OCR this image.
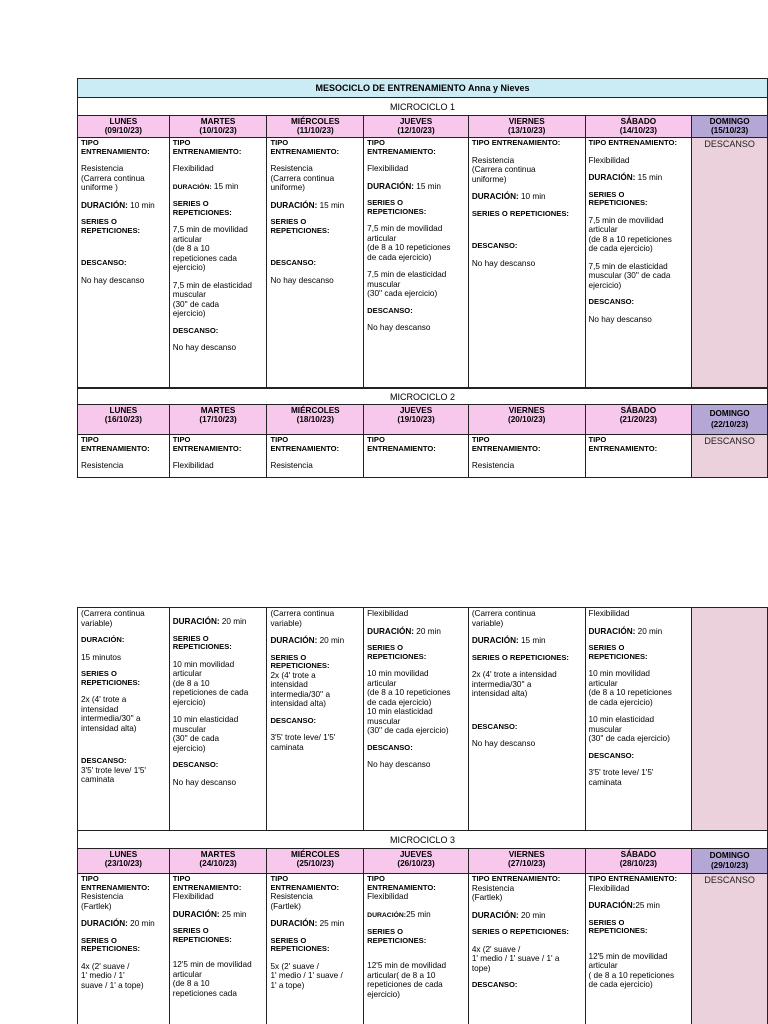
MESOCICLO DE ENTRENAMIENTO Anna y Nieves
MICROCICLO 1
LUNES
(09/10/23)
MARTES
(10/10/23)
MIÉRCOLES
(11/10/23)
JUEVES
(12/10/23)
VIERNES
(13/10/23)
SÁBADO
(14/10/23)
DOMINGO
(15/10/23)

TIPO

ENTRENAMIENTO:

Resistencia

(Carrera continua

uniforme )

DURACIÓN: 10 min

SERIES O

REPETICIONES:

DESCANSO:

No hay descanso

TIPO

ENTRENAMIENTO:

Flexibilidad

DURACIÓN: 15 min

SERIES O

REPETICIONES:

7,5 min de movilidad

articular

(de 8 a 10

repeticiones cada

ejercicio)

7,5 min de elasticidad

muscular

(30'' de cada

ejercicio)

DESCANSO:

No hay descanso

TIPO

ENTRENAMIENTO:

Resistencia

(Carrera continua

uniforme)

DURACIÓN: 15 min

SERIES O

REPETICIONES:

DESCANSO:

No hay descanso

TIPO

ENTRENAMIENTO:

Flexibilidad

DURACIÓN: 15 min

SERIES O

REPETICIONES:

7,5 min de movilidad

articular

(de 8 a 10 repeticiones

de cada ejercicio)

7,5 min de elasticidad

muscular

(30'' cada ejercicio)

DESCANSO:

No hay descanso

TIPO ENTRENAMIENTO:

Resistencia

(Carrera continua

uniforme)

DURACIÓN: 10 min

SERIES O REPETICIONES:

DESCANSO:

No hay descanso

TIPO ENTRENAMIENTO:

Flexibilidad

DURACIÓN: 15 min

SERIES O

REPETICIONES:

7,5 min de movilidad

articular

(de 8 a 10 repeticiones

de cada ejercicio)

7,5 min de elasticidad

muscular (30'' de cada

ejercicio)

DESCANSO:

No hay descanso

DESCANSO
MICROCICLO 2
LUNES
(16/10/23)
MARTES
(17/10/23)
MIÉRCOLES
(18/10/23)
JUEVES
(19/10/23)
VIERNES
(20/10/23)
SÁBADO
(21/20/23)
DOMINGO
(22/10/23)

TIPO

ENTRENAMIENTO:

Resistencia

TIPO

ENTRENAMIENTO:

Flexibilidad

TIPO

ENTRENAMIENTO:

Resistencia

TIPO

ENTRENAMIENTO:

TIPO

ENTRENAMIENTO:

Resistencia

TIPO

ENTRENAMIENTO:

DESCANSO

(Carrera continua

variable)

DURACIÓN:

15 minutos

SERIES O

REPETICIONES:

2x (4' trote a

intensidad

intermedia/30'' a

intensidad alta)

DESCANSO:

3'5' trote leve/ 1'5'

caminata

DURACIÓN: 20 min

SERIES O

REPETICIONES:

10 min movilidad

articular

(de 8 a 10

repeticiones de cada

ejercicio)

10 min elasticidad

muscular

(30'' de cada

ejercicio)

DESCANSO:

No hay descanso

(Carrera continua

variable)

DURACIÓN: 20 min

SERIES O

REPETICIONES:

2x (4' trote a

intensidad

intermedia/30'' a

intensidad alta)

DESCANSO:

3'5' trote leve/ 1'5'

caminata

Flexibilidad

DURACIÓN: 20 min

SERIES O

REPETICIONES:

10 min movilidad

articular

(de 8 a 10 repeticiones

de cada ejercicio)

10 min elasticidad

muscular

(30'' de cada ejercicio)

DESCANSO:

No hay descanso

(Carrera continua

variable)

DURACIÓN: 15 min

SERIES O REPETICIONES:

2x (4' trote a intensidad

intermedia/30'' a

intensidad alta)

DESCANSO:

No hay descanso

Flexibilidad

DURACIÓN: 20 min

SERIES O

REPETICIONES:

10 min movilidad

articular

(de 8 a 10 repeticiones

de cada ejercicio)

10 min elasticidad

muscular

(30'' de cada ejercicio)

DESCANSO:

3'5' trote leve/ 1'5'

caminata

MICROCICLO 3
LUNES
(23/10/23)
MARTES
(24/10/23)
MIÉRCOLES
(25/10/23)
JUEVES
(26/10/23)
VIERNES
(27/10/23)
SÁBADO
(28/10/23)
DOMINGO
(29/10/23)

TIPO

ENTRENAMIENTO:

Resistencia

(Fartlek)

DURACIÓN: 20 min

SERIES O

REPETICIONES:

4x (2' suave /

1' medio / 1'

suave / 1' a tope)

TIPO

ENTRENAMIENTO:

Flexibilidad

DURACIÓN: 25 min

SERIES O

REPETICIONES:

12'5 min de movilidad

articular

(de 8 a 10

repeticiones cada

TIPO

ENTRENAMIENTO:

Resistencia

(Fartlek)

DURACIÓN: 25 min

SERIES O

REPETICIONES:

5x (2' suave /

1' medio / 1' suave /

1' a tope)

TIPO

ENTRENAMIENTO:

Flexibilidad

DURACIÓN:25 min

SERIES O

REPETICIONES:

12'5 min de movilidad

articular( de 8 a 10

repeticiones de cada

ejercicio)

TIPO ENTRENAMIENTO:

Resistencia

(Fartlek)

DURACIÓN: 20 min

SERIES O REPETICIONES:

4x (2' suave /

1' medio / 1' suave / 1' a

tope)

DESCANSO:

TIPO ENTRENAMIENTO:

Flexibilidad

DURACIÓN:25 min

SERIES O

REPETICIONES:

12'5 min de movilidad

articular

( de 8 a 10 repeticiones

de cada ejercicio)

DESCANSO
